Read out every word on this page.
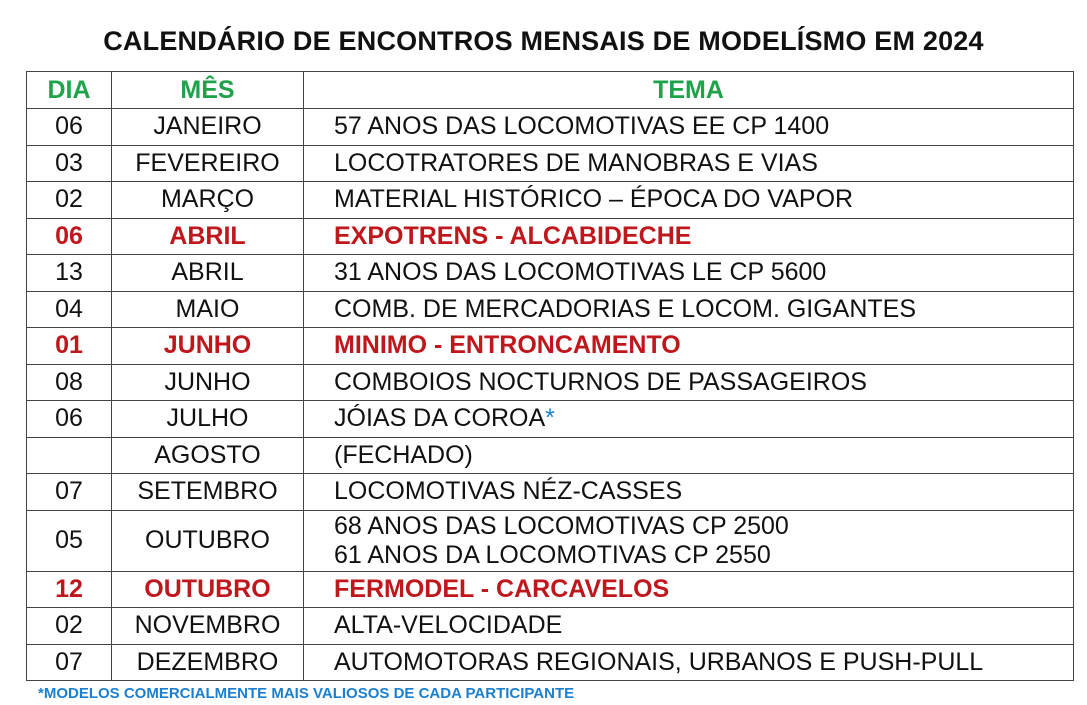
CALENDÁRIO DE ENCONTROS MENSAIS DE MODELÍSMO EM 2024
DIA	MÊS	TEMA
06	JANEIRO	57 ANOS DAS LOCOMOTIVAS EE CP 1400
03	FEVEREIRO	LOCOTRATORES DE MANOBRAS E VIAS
02	MARÇO	MATERIAL HISTÓRICO – ÉPOCA DO VAPOR
06	ABRIL	EXPOTRENS - ALCABIDECHE
13	ABRIL	31 ANOS DAS LOCOMOTIVAS LE CP 5600
04	MAIO	COMB. DE MERCADORIAS E LOCOM. GIGANTES
01	JUNHO	MINIMO - ENTRONCAMENTO
08	JUNHO	COMBOIOS NOCTURNOS DE PASSAGEIROS
06	JULHO	JÓIAS DA COROA*
	AGOSTO	(FECHADO)
07	SETEMBRO	LOCOMOTIVAS NÉZ-CASSES
05	OUTUBRO	68 ANOS DAS LOCOMOTIVAS CP 2500
61 ANOS DA LOCOMOTIVAS CP 2550

12	OUTUBRO	FERMODEL - CARCAVELOS
02	NOVEMBRO	ALTA-VELOCIDADE
07	DEZEMBRO	AUTOMOTORAS REGIONAIS, URBANOS E PUSH-PULL
*MODELOS COMERCIALMENTE MAIS VALIOSOS DE CADA PARTICIPANTE
